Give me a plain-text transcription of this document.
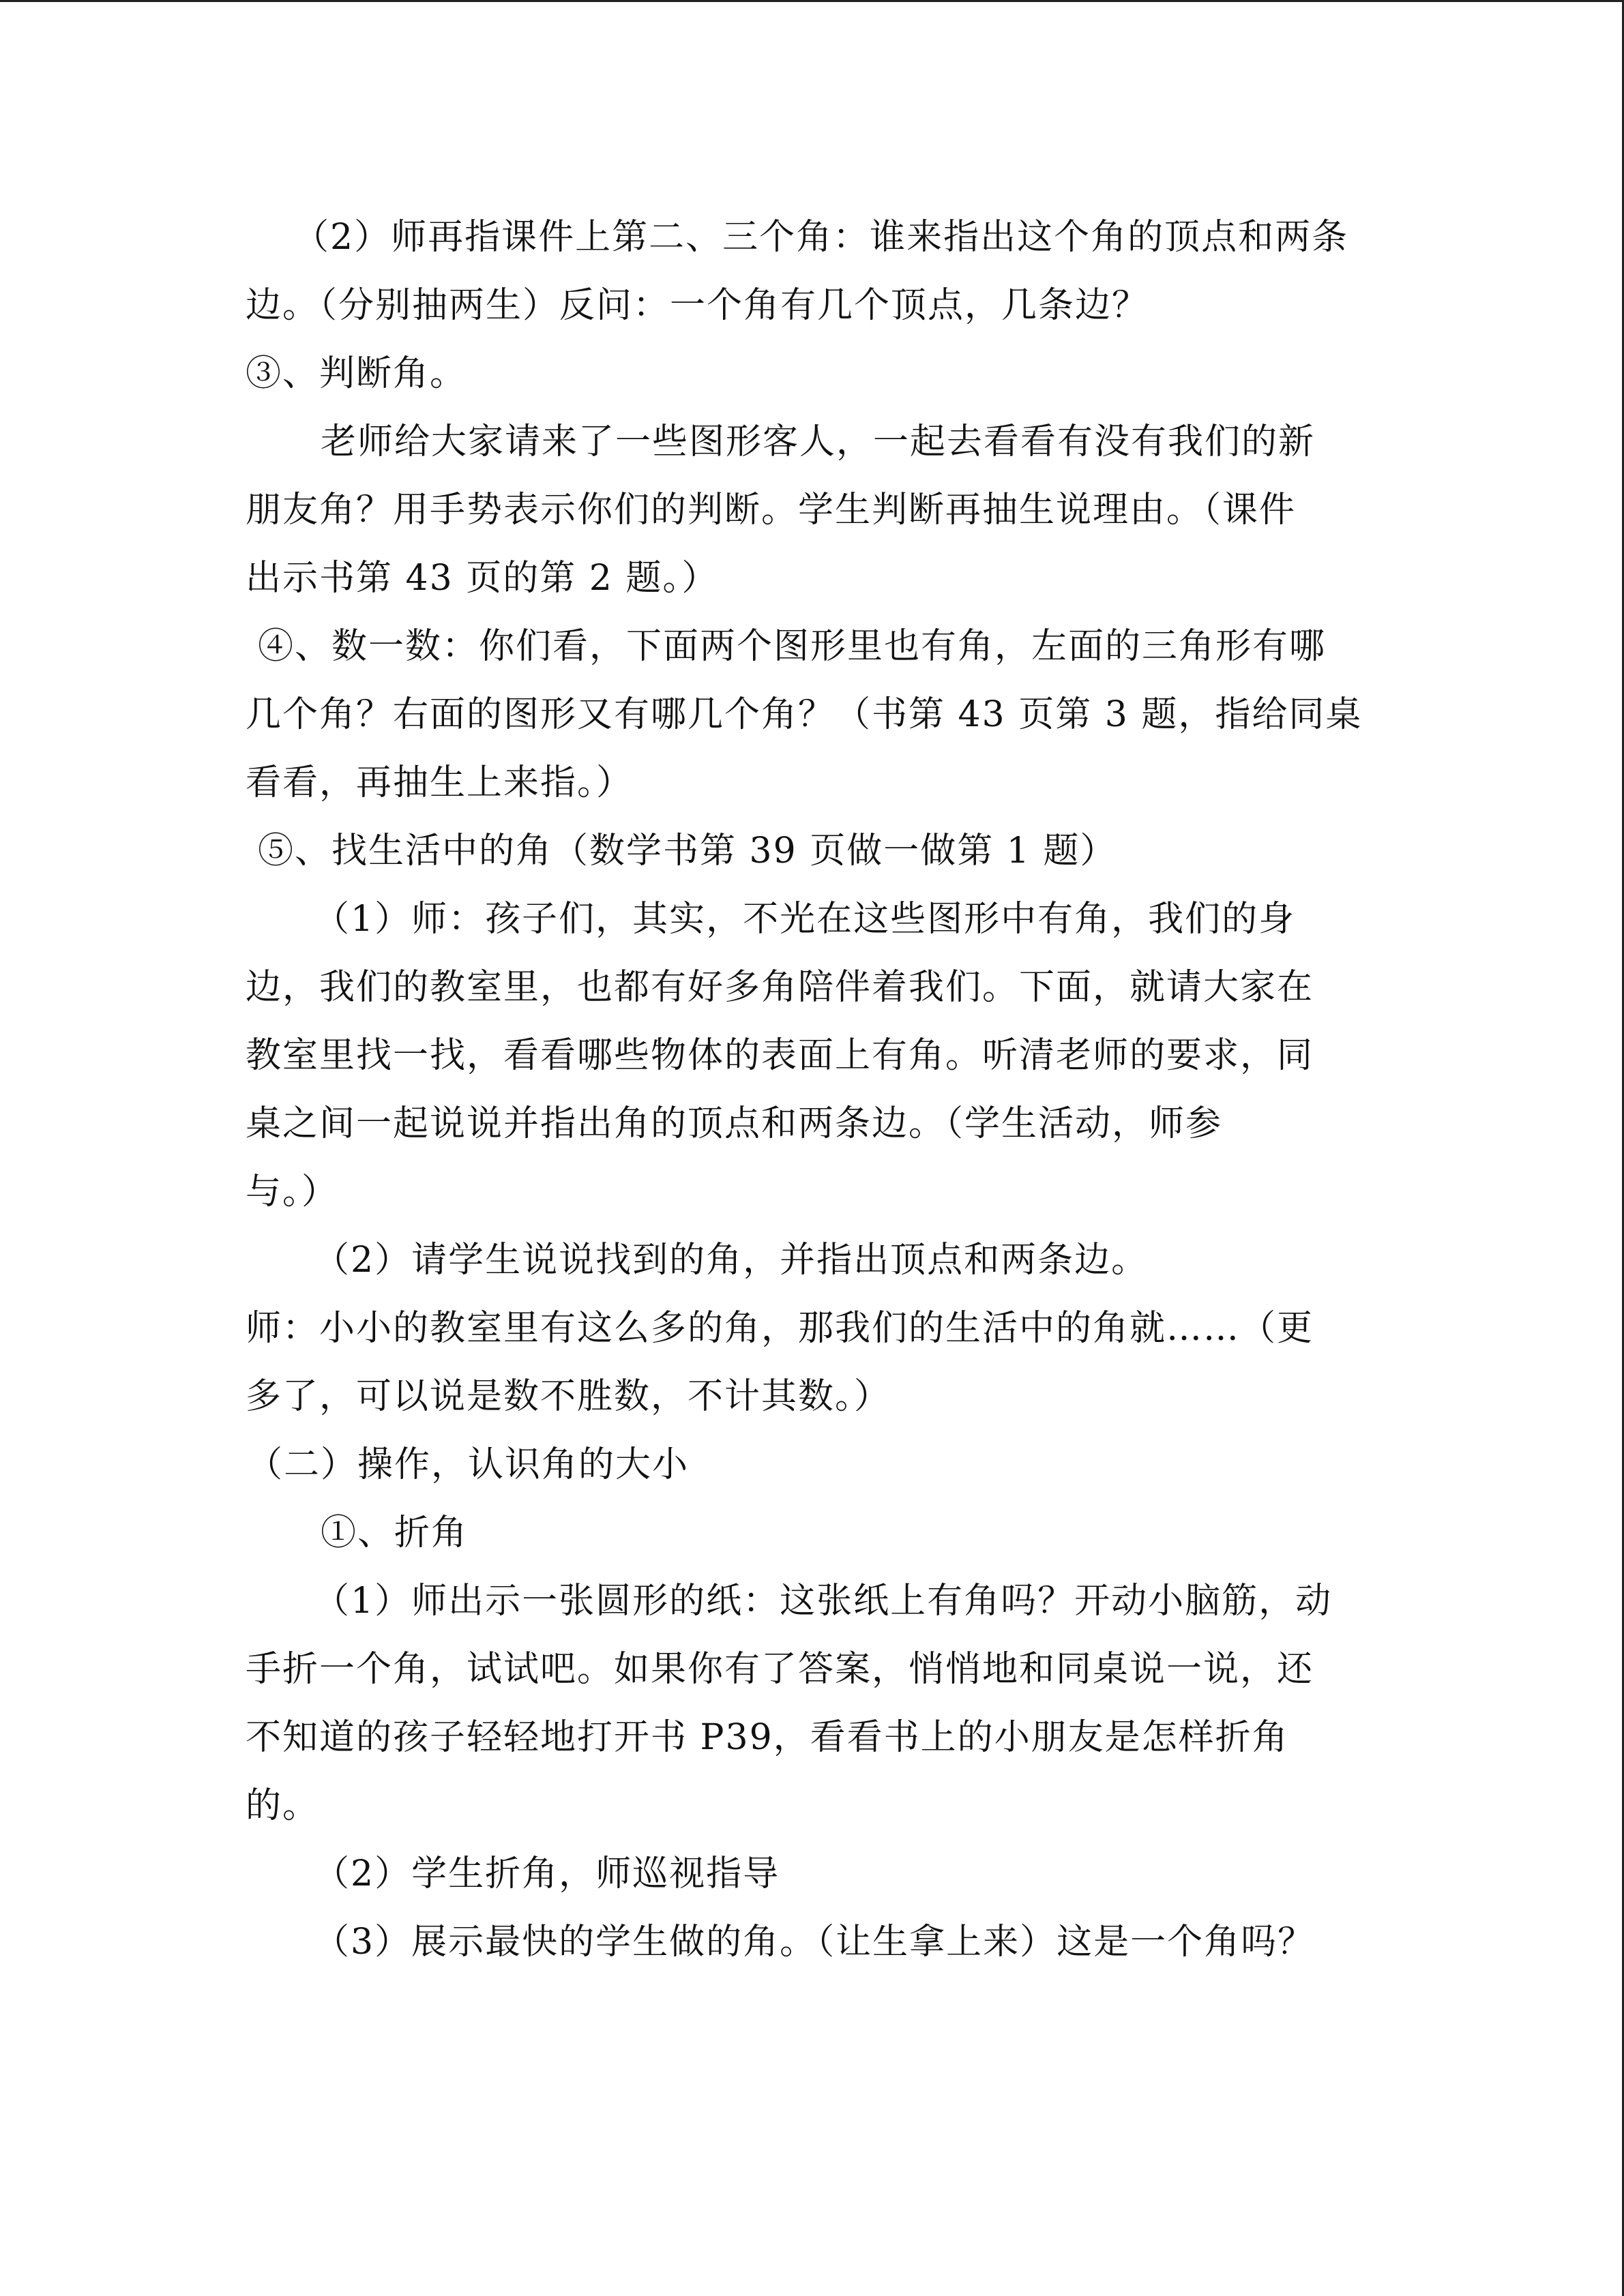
（2）师再指课件上第二、三个角：谁来指出这个角的顶点和两条
边。（分别抽两生）反问：一个角有几个顶点，几条边？
③、判断角。
老师给大家请来了一些图形客人，一起去看看有没有我们的新
朋友角？用手势表示你们的判断。学生判断再抽生说理由。（课件
出示书第 43 页的第 2 题。）
④、数一数：你们看，下面两个图形里也有角，左面的三角形有哪
几个角？右面的图形又有哪几个角？（书第 43 页第 3 题，指给同桌
看看，再抽生上来指。）
⑤、找生活中的角（数学书第 39 页做一做第 1 题）
（1）师：孩子们，其实，不光在这些图形中有角，我们的身
边，我们的教室里，也都有好多角陪伴着我们。下面，就请大家在
教室里找一找，看看哪些物体的表面上有角。听清老师的要求，同
桌之间一起说说并指出角的顶点和两条边。（学生活动，师参
与。）
（2）请学生说说找到的角，并指出顶点和两条边。
师：小小的教室里有这么多的角，那我们的生活中的角就……（更
多了，可以说是数不胜数，不计其数。）
（二）操作，认识角的大小
①、折角
（1）师出示一张圆形的纸：这张纸上有角吗？开动小脑筋，动
手折一个角，试试吧。如果你有了答案，悄悄地和同桌说一说，还
不知道的孩子轻轻地打开书 P39，看看书上的小朋友是怎样折角
的。
（2）学生折角，师巡视指导
（3）展示最快的学生做的角。（让生拿上来）这是一个角吗？
